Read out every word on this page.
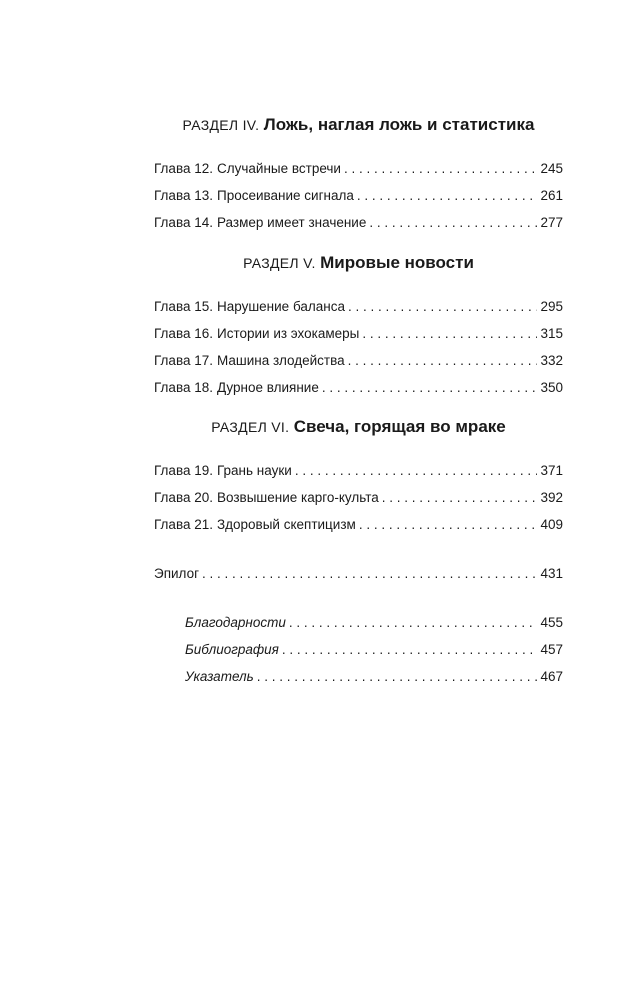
РАЗДЕЛ IV. Ложь, наглая ложь и статистика
Глава 12. Случайные встречи . . .	245
Глава 13. Просеивание сигнала . . .	261
Глава 14. Размер имеет значение . . .	277
РАЗДЕЛ V. Мировые новости
Глава 15. Нарушение баланса . . .	295
Глава 16. Истории из эхокамеры . . .	315
Глава 17. Машина злодейства . . .	332
Глава 18. Дурное влияние . . .	350
РАЗДЕЛ VI. Свеча, горящая во мраке
Глава 19. Грань науки . . .	371
Глава 20. Возвышение карго-культа . . .	392
Глава 21. Здоровый скептицизм . . .	409
Эпилог . . .	431
Благодарности . . .	455
Библиография . . .	457
Указатель . . .	467
